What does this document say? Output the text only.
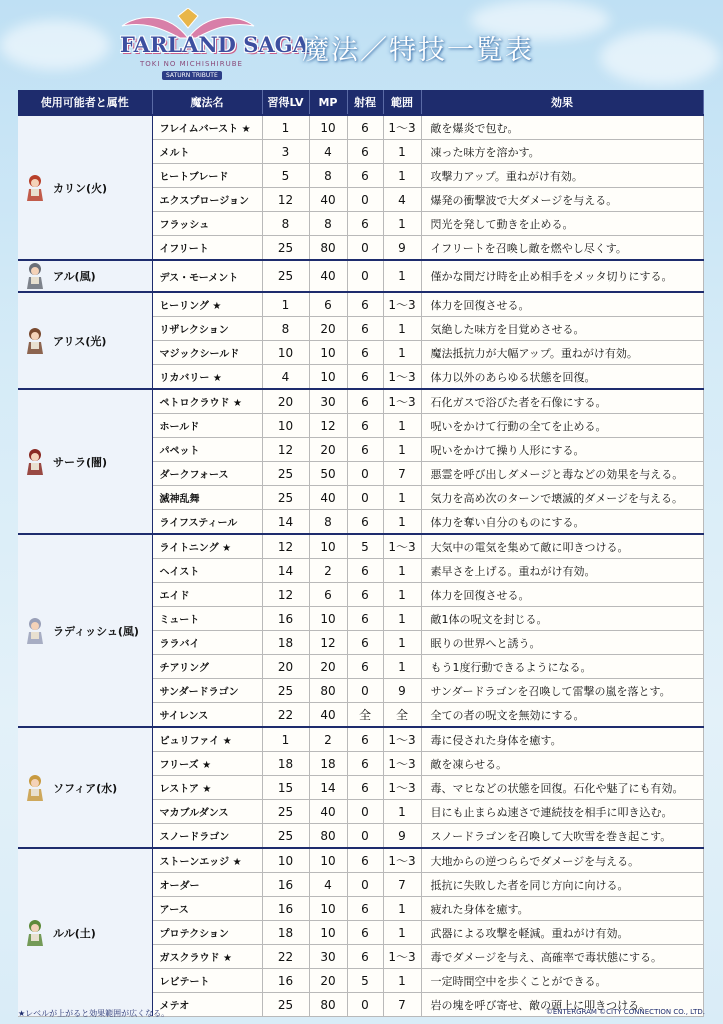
FARLAND SAGA
TOKI NO MICHISHIRUBE
SATURN TRIBUTE
魔法／特技一覧表
使用可能者と属性	魔法名	習得LV	MP	射程	範囲	効果

カリン(火)	フレイムバースト ★	1	10	6	1〜3	敵を爆炎で包む。
	メルト	3	4	6	1	凍った味方を溶かす。
	ヒートブレード	5	8	6	1	攻撃力アップ。重ねがけ有効。
	エクスプロージョン	12	40	0	4	爆発の衝撃波で大ダメージを与える。
	フラッシュ	8	8	6	1	閃光を発して動きを止める。
	イフリート	25	80	0	9	イフリートを召喚し敵を燃やし尽くす。

アル(風)	デス・モーメント	25	40	0	1	僅かな間だけ時を止め相手をメッタ切りにする。

アリス(光)	ヒーリング ★	1	6	6	1〜3	体力を回復させる。
	リザレクション	8	20	6	1	気絶した味方を目覚めさせる。
	マジックシールド	10	10	6	1	魔法抵抗力が大幅アップ。重ねがけ有効。
	リカバリー ★	4	10	6	1〜3	体力以外のあらゆる状態を回復。

サーラ(闇)	ペトロクラウド ★	20	30	6	1〜3	石化ガスで浴びた者を石像にする。
	ホールド	10	12	6	1	呪いをかけて行動の全てを止める。
	パペット	12	20	6	1	呪いをかけて操り人形にする。
	ダークフォース	25	50	0	7	悪霊を呼び出しダメージと毒などの効果を与える。
	滅神乱舞	25	40	0	1	気力を高め次のターンで壊滅的ダメージを与える。
	ライフスティール	14	8	6	1	体力を奪い自分のものにする。

ラディッシュ(風)	ライトニング ★	12	10	5	1〜3	大気中の電気を集めて敵に叩きつける。
	ヘイスト	14	2	6	1	素早さを上げる。重ねがけ有効。
	エイド	12	6	6	1	体力を回復させる。
	ミュート	16	10	6	1	敵1体の呪文を封じる。
	ララバイ	18	12	6	1	眠りの世界へと誘う。
	チアリング	20	20	6	1	もう1度行動できるようになる。
	サンダードラゴン	25	80	0	9	サンダードラゴンを召喚して雷撃の嵐を落とす。
	サイレンス	22	40	全	全	全ての者の呪文を無効にする。

ソフィア(水)	ピュリファイ ★	1	2	6	1〜3	毒に侵された身体を癒す。
	フリーズ ★	18	18	6	1〜3	敵を凍らせる。
	レストア ★	15	14	6	1〜3	毒、マヒなどの状態を回復。石化や魅了にも有効。
	マカブルダンス	25	40	0	1	目にも止まらぬ速さで連続技を相手に叩き込む。
	スノードラゴン	25	80	0	9	スノードラゴンを召喚して大吹雪を巻き起こす。

ルル(土)	ストーンエッジ ★	10	10	6	1〜3	大地からの逆つららでダメージを与える。
	オーダー	16	4	0	7	抵抗に失敗した者を同じ方向に向ける。
	アース	16	10	6	1	疲れた身体を癒す。
	プロテクション	18	10	6	1	武器による攻撃を軽減。重ねがけ有効。
	ガスクラウド ★	22	30	6	1〜3	毒でダメージを与え、高確率で毒状態にする。
	レビテート	16	20	5	1	一定時間空中を歩くことができる。
	メテオ	25	80	0	7	岩の塊を呼び寄せ、敵の頭上に叩きつける。
★レベルが上がると効果範囲が広くなる。	©ENTERGRAM ©CITY CONNECTION CO., LTD.
